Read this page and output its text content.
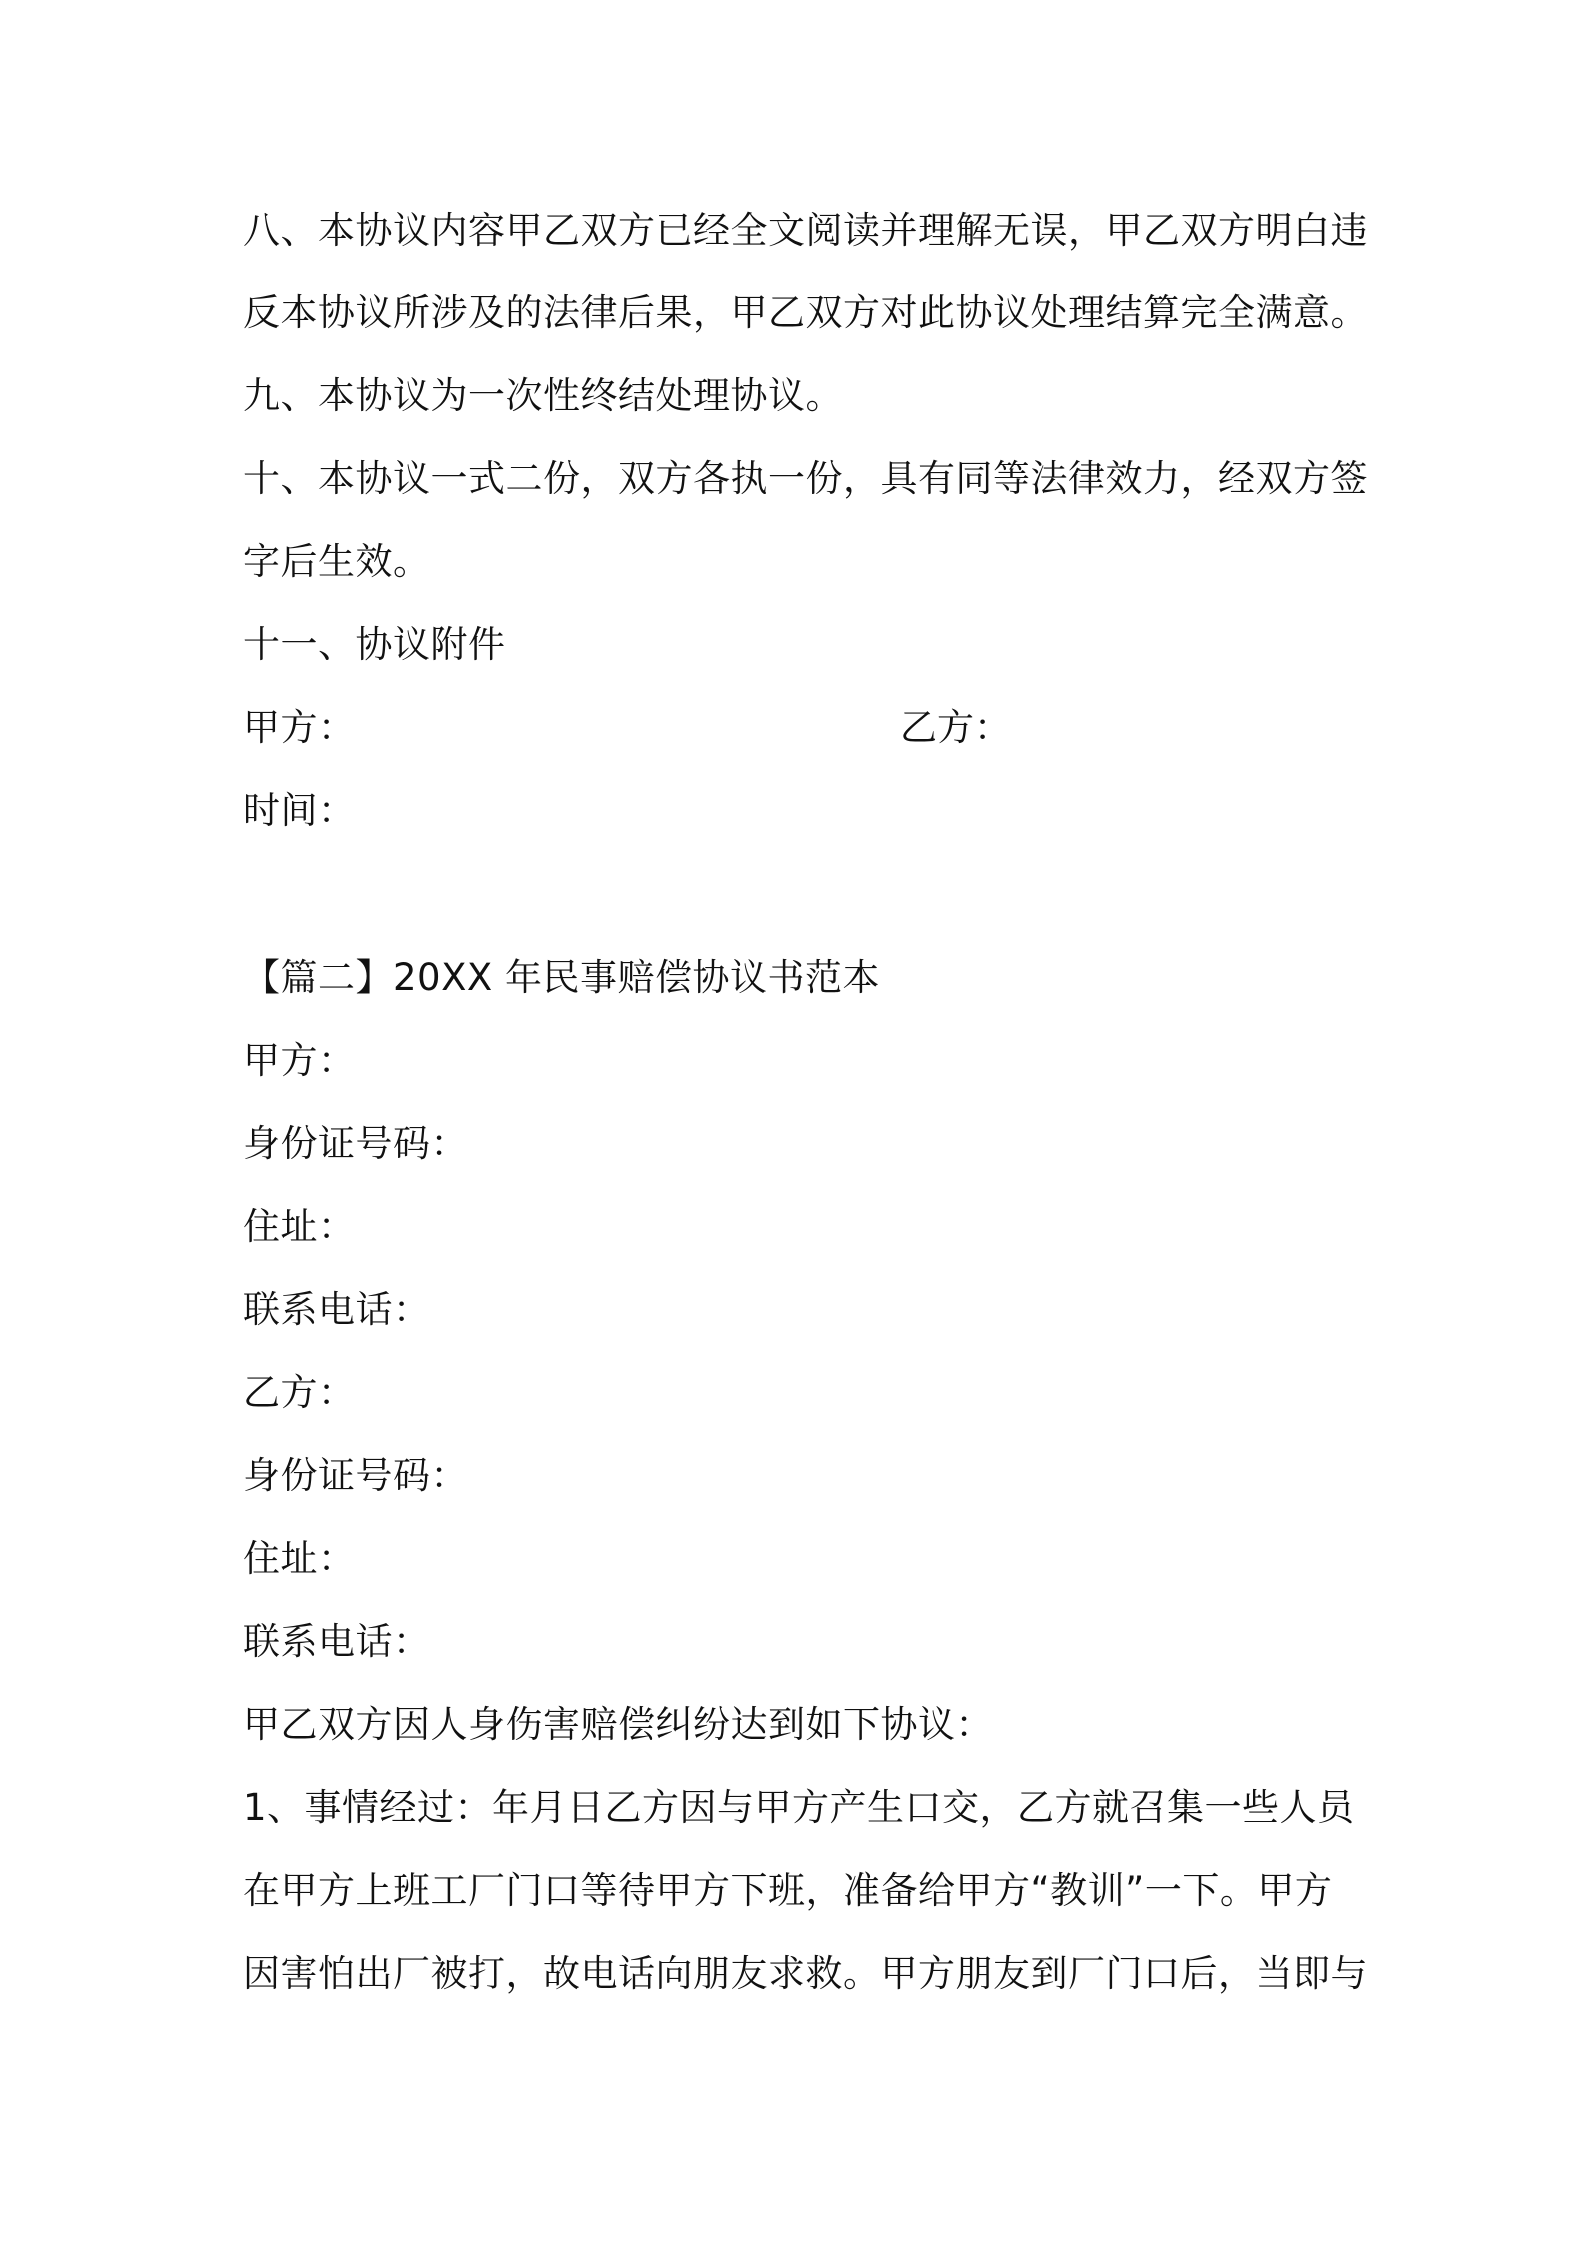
八、本协议内容甲乙双方已经全文阅读并理解无误，甲乙双方明白违
反本协议所涉及的法律后果，甲乙双方对此协议处理结算完全满意。
九、本协议为一次性终结处理协议。
十、本协议一式二份，双方各执一份，具有同等法律效力，经双方签
字后生效。
十一、协议附件
甲方：	乙方：
时间：
【篇二】20XX 年民事赔偿协议书范本
甲方：
身份证号码：
住址：
联系电话：
乙方：
身份证号码：
住址：
联系电话：
甲乙双方因人身伤害赔偿纠纷达到如下协议：
1、事情经过：年月日乙方因与甲方产生口交，乙方就召集一些人员
在甲方上班工厂门口等待甲方下班，准备给甲方“教训”一下。甲方
因害怕出厂被打，故电话向朋友求救。甲方朋友到厂门口后，当即与
